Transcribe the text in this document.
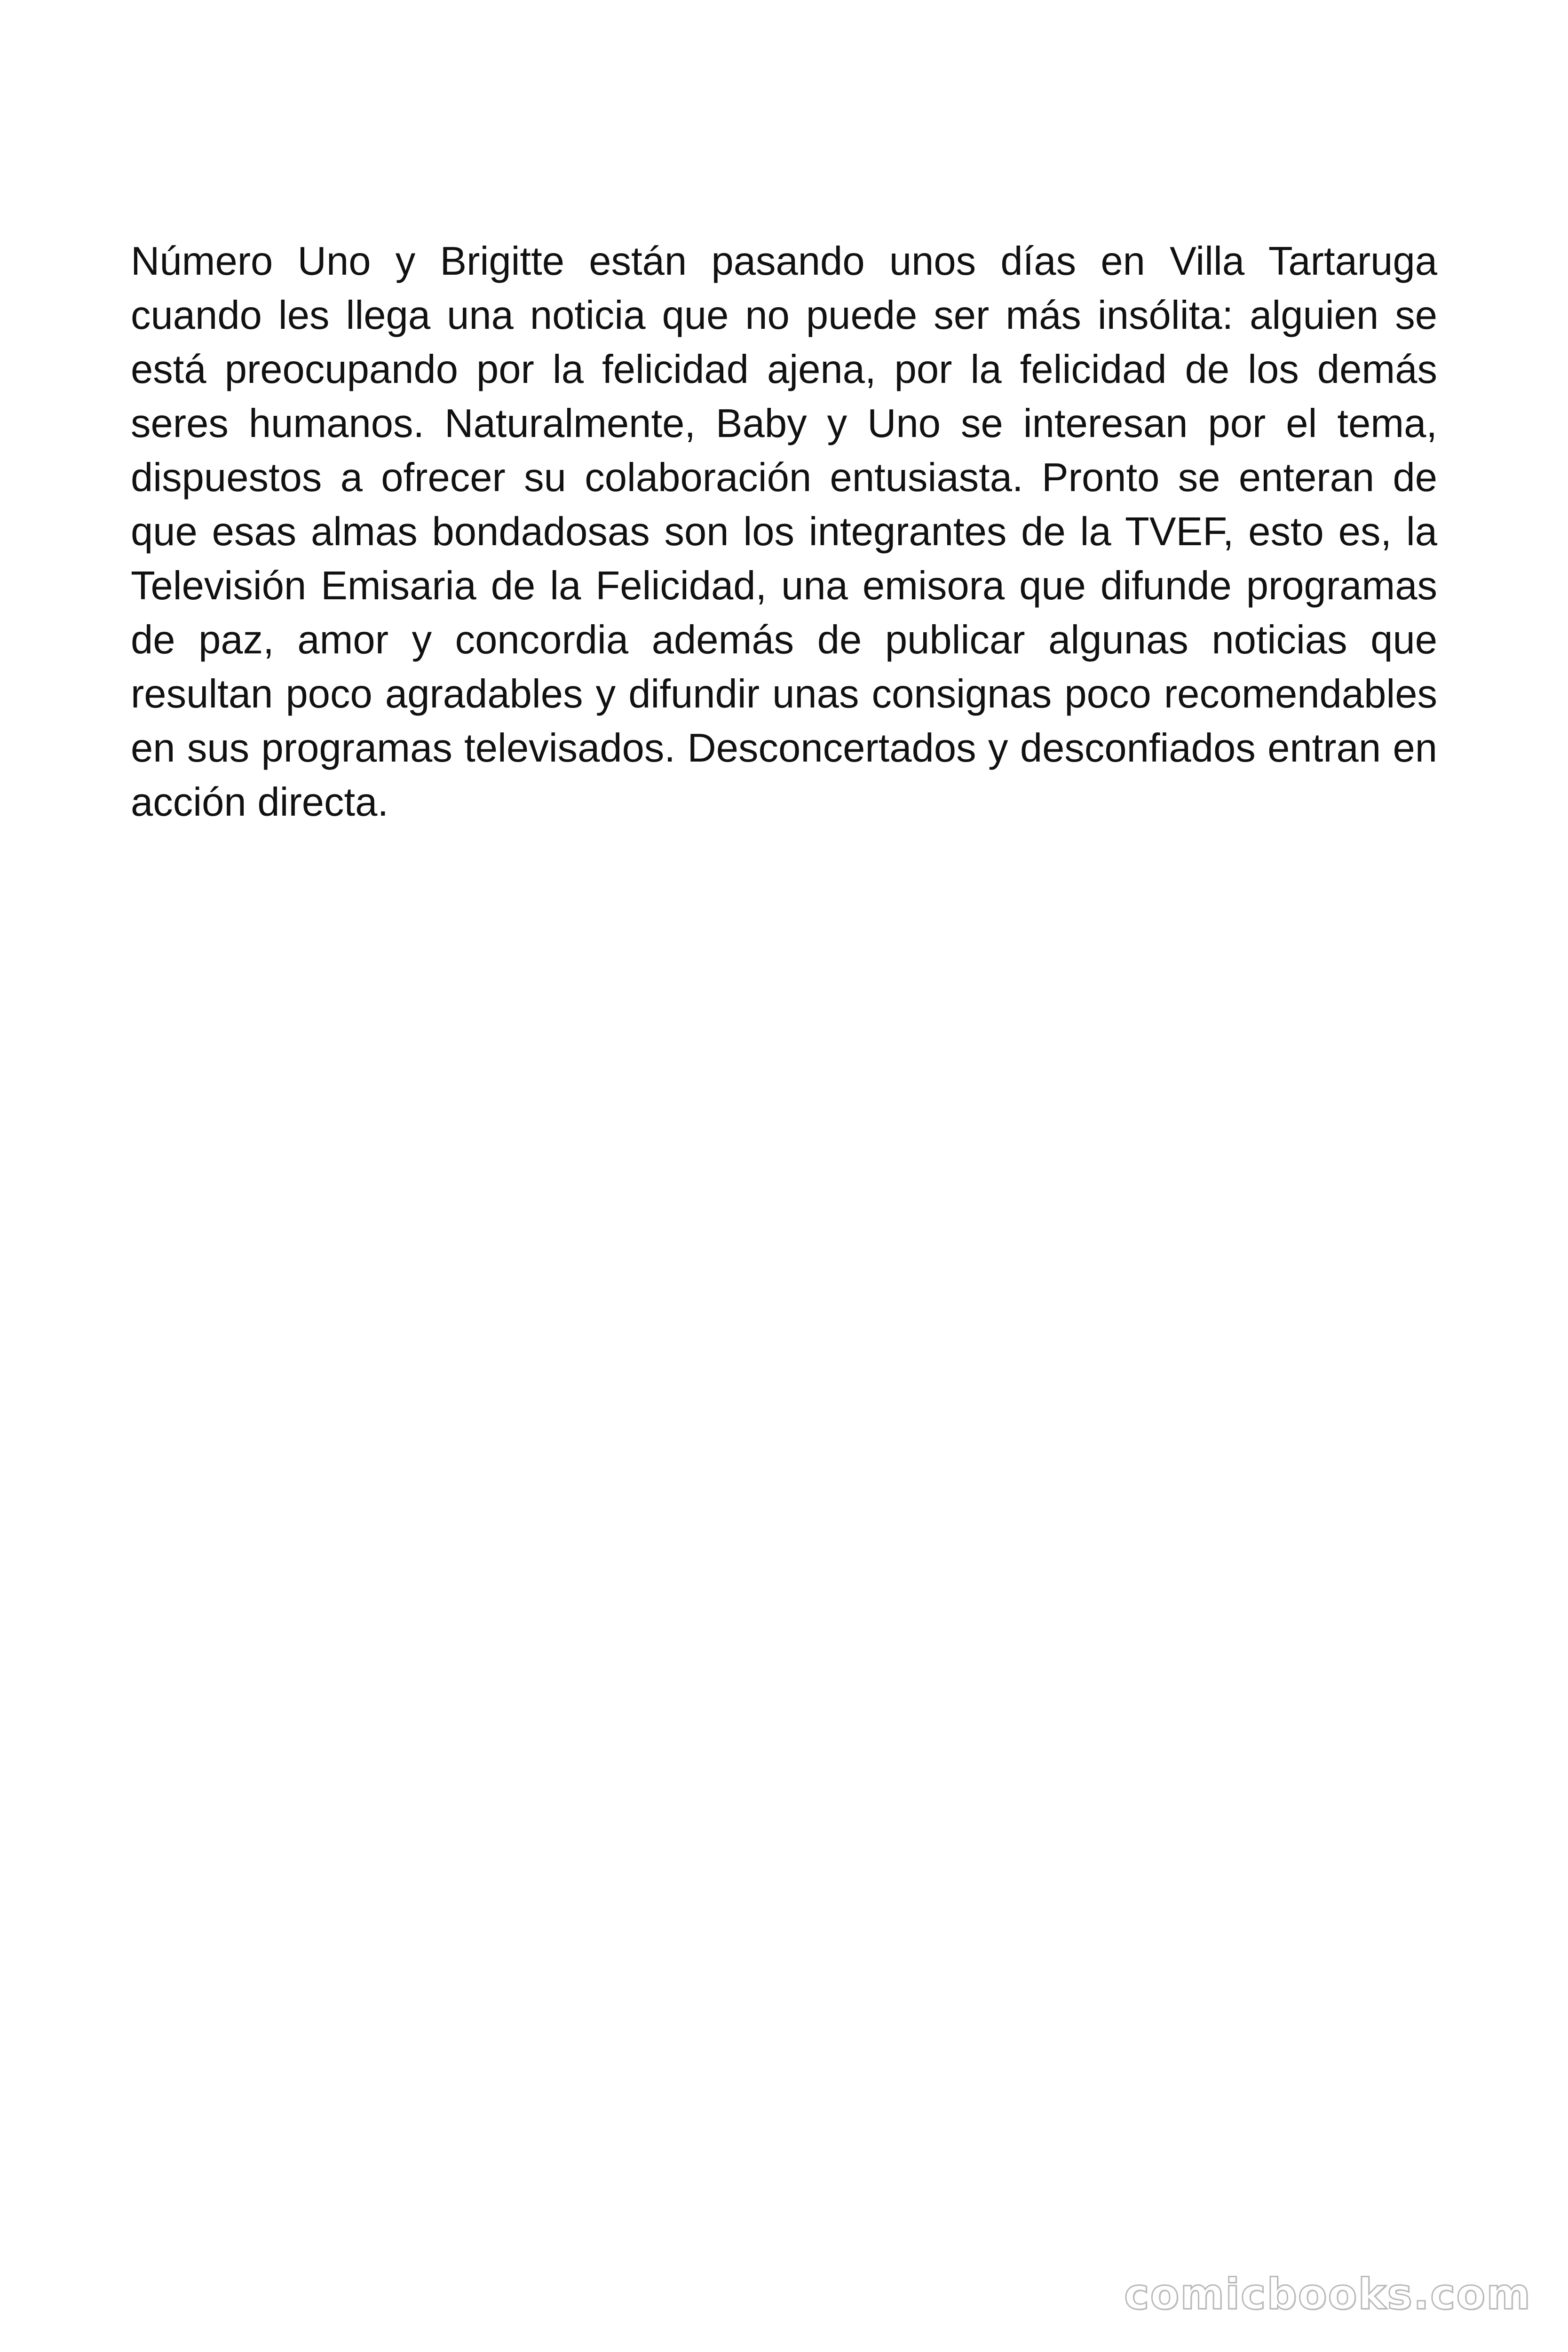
Número Uno y Brigitte están pasando unos días en Villa Tartaruga cuando les llega una noticia que no puede ser más insólita: alguien se está preocupando por la felicidad ajena, por la felicidad de los demás seres humanos. Naturalmente, Baby y Uno se interesan por el tema, dispuestos a ofrecer su colaboración entusiasta. Pronto se enteran de que esas almas bondadosas son los integrantes de la TVEF, esto es, la Televisión Emisaria de la Felicidad, una emisora que difunde programas de paz, amor y concordia además de publicar algunas noticias que resultan poco agradables y difundir unas consignas poco recomendables en sus programas televisados. Desconcertados y desconfiados entran en acción directa.

comicbooks.com
